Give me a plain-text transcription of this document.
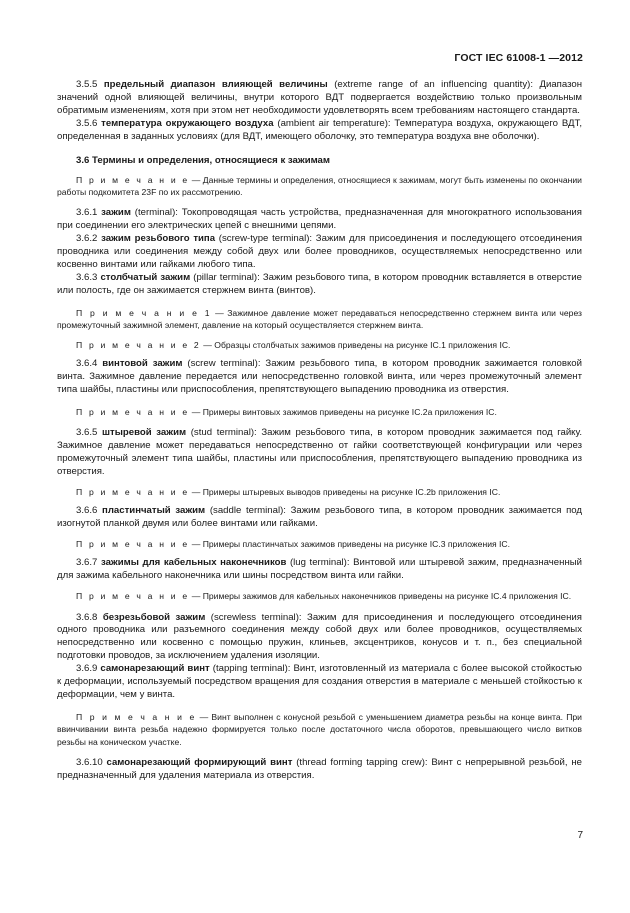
ГОСТ IEC 61008-1 —2012

3.5.5 предельный диапазон влияющей величины (extreme range of an influencing quantity): Диапазон значений одной влияющей величины, внутри которого ВДТ подвергается воздействию только произвольным обратимым изменениям, хотя при этом нет необходимости удовлетворять всем требованиям настоящего стандарта.

3.5.6 температура окружающего воздуха (ambient air temperature): Температура воздуха, окружающего ВДТ, определенная в заданных условиях (для ВДТ, имеющего оболочку, это температура воздуха вне оболочки).

3.6 Термины и определения, относящиеся к зажимам

П р и м е ч а н и е — Данные термины и определения, относящиеся к зажимам, могут быть изменены по окончании работы подкомитета 23F по их рассмотрению.

3.6.1 зажим (terminal): Токопроводящая часть устройства, предназначенная для многократного использования при соединении его электрических цепей с внешними цепями.

3.6.2 зажим резьбового типа (screw-type terminal): Зажим для присоединения и последующего отсоединения проводника или соединения между собой двух или более проводников, осуществляемых непосредственно или косвенно винтами или гайками любого типа.

3.6.3 столбчатый зажим (pillar terminal): Зажим резьбового типа, в котором проводник вставляется в отверстие или полость, где он зажимается стержнем винта (винтов).

П р и м е ч а н и е 1 — Зажимное давление может передаваться непосредственно стержнем винта или через промежуточный зажимной элемент, давление на который осуществляется стержнем винта.

П р и м е ч а н и е 2 — Образцы столбчатых зажимов приведены на рисунке IC.1 приложения IC.

3.6.4 винтовой зажим (screw terminal): Зажим резьбового типа, в котором проводник зажимается головкой винта. Зажимное давление передается или непосредственно головкой винта, или через промежуточный элемент типа шайбы, пластины или приспособления, препятствующего выпадению проводника из отверстия.

П р и м е ч а н и е — Примеры винтовых зажимов приведены на рисунке IC.2а приложения IC.

3.6.5 штыревой зажим (stud terminal): Зажим резьбового типа, в котором проводник зажимается под гайку. Зажимное давление может передаваться непосредственно от гайки соответствующей конфигурации или через промежуточный элемент типа шайбы, пластины или приспособления, препятствующего выпадению проводника из отверстия.

П р и м е ч а н и е — Примеры штыревых выводов приведены на рисунке IC.2b приложения IC.

3.6.6 пластинчатый зажим (saddle terminal): Зажим резьбового типа, в котором проводник зажимается под изогнутой планкой двумя или более винтами или гайками.

П р и м е ч а н и е — Примеры пластинчатых зажимов приведены на рисунке IC.3 приложения IC.

3.6.7 зажимы для кабельных наконечников (lug terminal): Винтовой или штыревой зажим, предназначенный для зажима кабельного наконечника или шины посредством винта или гайки.

П р и м е ч а н и е — Примеры зажимов для кабельных наконечников приведены на рисунке IC.4 приложения IC.

3.6.8 безрезьбовой зажим (screwless terminal): Зажим для присоединения и последующего отсоединения одного проводника или разъемного соединения между собой двух или более проводников, осуществляемых непосредственно или косвенно с помощью пружин, клиньев, эксцентриков, конусов и т. п., без специальной подготовки проводов, за исключением удаления изоляции.

3.6.9 самонарезающий винт (tapping terminal): Винт, изготовленный из материала с более высокой стойкостью к деформации, используемый посредством вращения для создания отверстия в материале с меньшей стойкостью к деформации, чем у винта.

П р и м е ч а н и е — Винт выполнен с конусной резьбой с уменьшением диаметра резьбы на конце винта. При ввинчивании винта резьба надежно формируется только после достаточного числа оборотов, превышающего число витков резьбы на коническом участке.

3.6.10 самонарезающий формирующий винт (thread forming tapping crew): Винт с непрерывной резьбой, не предназначенный для удаления материала из отверстия.

7
